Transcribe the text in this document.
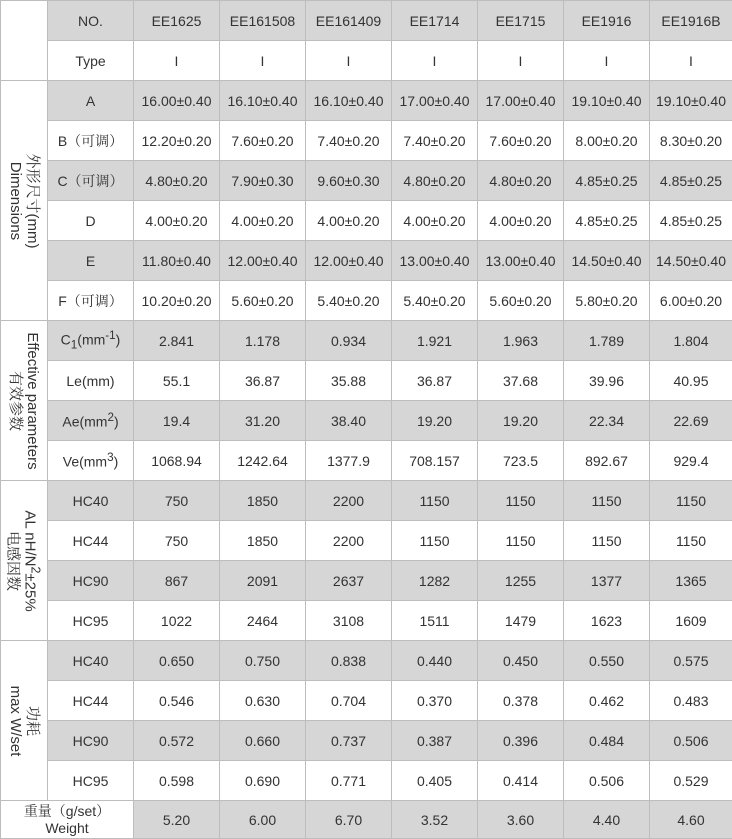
	NO.	EE1625	EE161508	EE161409	EE1714	EE1715	EE1916	EE1916B
	Type	I	I	I	I	I	I	I

外形尺寸(mm)
Dimensions	A	16.00±0.40	16.10±0.40	16.10±0.40	17.00±0.40	17.00±0.40	19.10±0.40	19.10±0.40
	B（可调）	12.20±0.20	7.60±0.20	7.40±0.20	7.40±0.20	7.60±0.20	8.00±0.20	8.30±0.20
	C（可调）	4.80±0.20	7.90±0.30	9.60±0.30	4.80±0.20	4.80±0.20	4.85±0.25	4.85±0.25
	D	4.00±0.20	4.00±0.20	4.00±0.20	4.00±0.20	4.00±0.20	4.85±0.25	4.85±0.25
	E	11.80±0.40	12.00±0.40	12.00±0.40	13.00±0.40	13.00±0.40	14.50±0.40	14.50±0.40
	F（可调）	10.20±0.20	5.60±0.20	5.40±0.20	5.40±0.20	5.60±0.20	5.80±0.20	6.00±0.20

Effective parameters
有效参数	$C_1(mm^{-1})$	2.841	1.178	0.934	1.921	1.963	1.789	1.804
	Le(mm)	55.1	36.87	35.88	36.87	37.68	39.96	40.95
	$Ae(mm^2)$	19.4	31.20	38.40	19.20	19.20	22.34	22.69
	$Ve(mm^3)$	1068.94	1242.64	1377.9	708.157	723.5	892.67	929.4

AL $nH/N^2\pm 25\%$
电感因数	HC40	750	1850	2200	1150	1150	1150	1150
	HC44	750	1850	2200	1150	1150	1150	1150
	HC90	867	2091	2637	1282	1255	1377	1365
	HC95	1022	2464	3108	1511	1479	1623	1609

功耗
max W/set	HC40	0.650	0.750	0.838	0.440	0.450	0.550	0.575
	HC44	0.546	0.630	0.704	0.370	0.378	0.462	0.483
	HC90	0.572	0.660	0.737	0.387	0.396	0.484	0.506
	HC95	0.598	0.690	0.771	0.405	0.414	0.506	0.529

重量（g/set）
Weight		5.20	6.00	6.70	3.52	3.60	4.40	4.60
